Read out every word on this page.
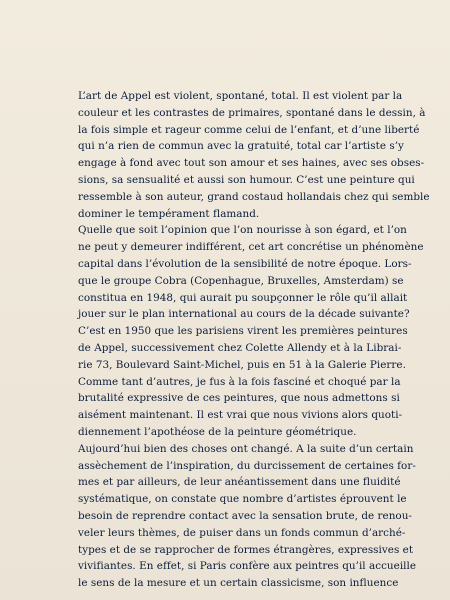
L’art de Appel est violent, spontané, total. Il est violent par la
couleur et les contrastes de primaires, spontané dans le dessin, à
la fois simple et rageur comme celui de l’enfant, et d’une liberté
qui n’a rien de commun avec la gratuité, total car l’artiste s’y
engage à fond avec tout son amour et ses haines, avec ses obses-
sions, sa sensualité et aussi son humour. C’est une peinture qui
ressemble à son auteur, grand costaud hollandais chez qui semble
dominer le tempérament flamand.
Quelle que soit l’opinion que l’on nourisse à son égard, et l’on
ne peut y demeurer indifférent, cet art concrétise un phénomène
capital dans l’évolution de la sensibilité de notre époque. Lors-
que le groupe Cobra (Copenhague, Bruxelles, Amsterdam) se
constitua en 1948, qui aurait pu soupçonner le rôle qu’il allait
jouer sur le plan international au cours de la décade suivante?
C’est en 1950 que les parisiens virent les premières peintures
de Appel, successivement chez Colette Allendy et à la Librai-
rie 73, Boulevard Saint-Michel, puis en 51 à la Galerie Pierre.
Comme tant d’autres, je fus à la fois fasciné et choqué par la
brutalité expressive de ces peintures, que nous admettons si
aisément maintenant. Il est vrai que nous vivions alors quoti-
diennement l’apothéose de la peinture géométrique.
Aujourd’hui bien des choses ont changé. A la suite d’un certain
assèchement de l’inspiration, du durcissement de certaines for-
mes et par ailleurs, de leur anéantissement dans une fluidité
systématique, on constate que nombre d’artistes éprouvent le
besoin de reprendre contact avec la sensation brute, de renou-
veler leurs thèmes, de puiser dans un fonds commun d’arché-
types et de se rapprocher de formes étrangères, expressives et
vivifiantes. En effet, si Paris confère aux peintres qu’il accueille
le sens de la mesure et un certain classicisme, son influence
